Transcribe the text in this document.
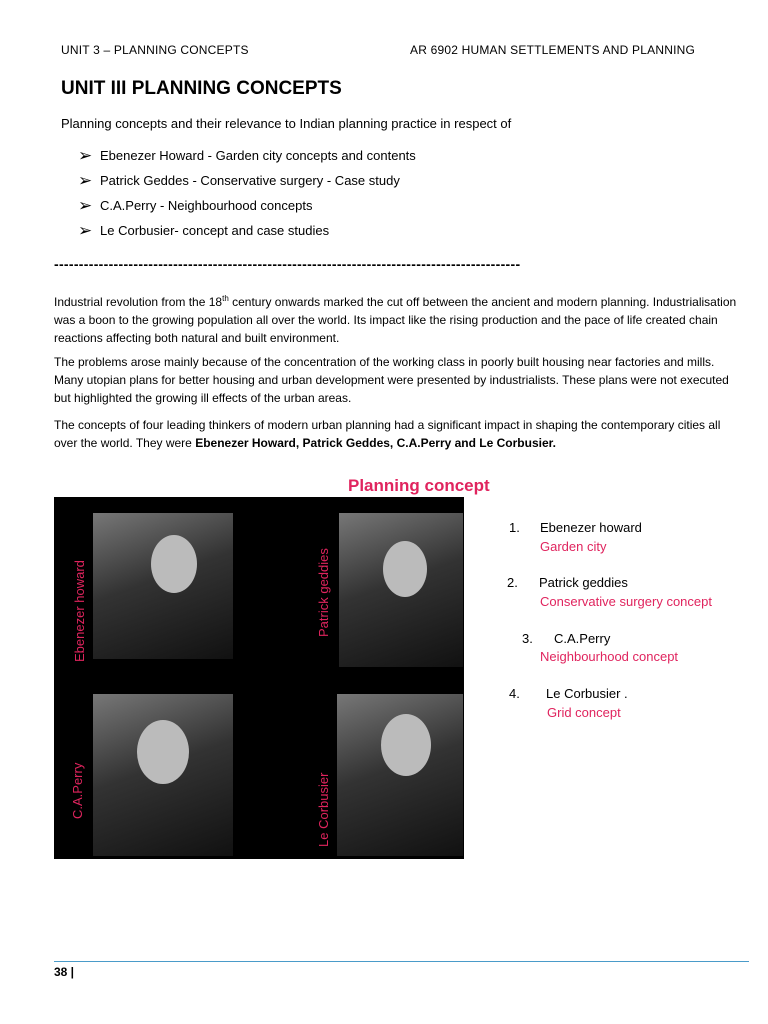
UNIT 3 – PLANNING CONCEPTS	AR 6902 HUMAN SETTLEMENTS AND PLANNING
UNIT III PLANNING CONCEPTS
Planning concepts and their relevance to Indian planning practice in respect of
➢ Ebenezer Howard - Garden city concepts and contents
➢ Patrick Geddes - Conservative surgery - Case study
➢ C.A.Perry - Neighbourhood concepts
➢ Le Corbusier- concept and case studies
----------------------------------------------------------------------------------------------

Industrial revolution from the 18th century onwards marked the cut off between the ancient and modern planning. Industrialisation was a boon to the growing population all over the world. Its impact like the rising production and the pace of life created chain reactions affecting both natural and built environment.

The problems arose mainly because of the concentration of the working class in poorly built housing near factories and mills. Many utopian plans for better housing and urban development were presented by industrialists. These plans were not executed but highlighted the growing ill effects of the urban areas.

The concepts of four leading thinkers of modern urban planning had a significant impact in shaping the contemporary cities all over the world. They were Ebenezer Howard, Patrick Geddes, C.A.Perry and Le Corbusier.

Planning concept
Ebenezer howard	Patrick geddies
C.A.Perry	Le Corbusier
1. Ebenezer howard
Garden city
2. Patrick geddies
Conservative surgery concept
3. C.A.Perry
Neighbourhood concept
4. Le Corbusier .
Grid concept
38 |
